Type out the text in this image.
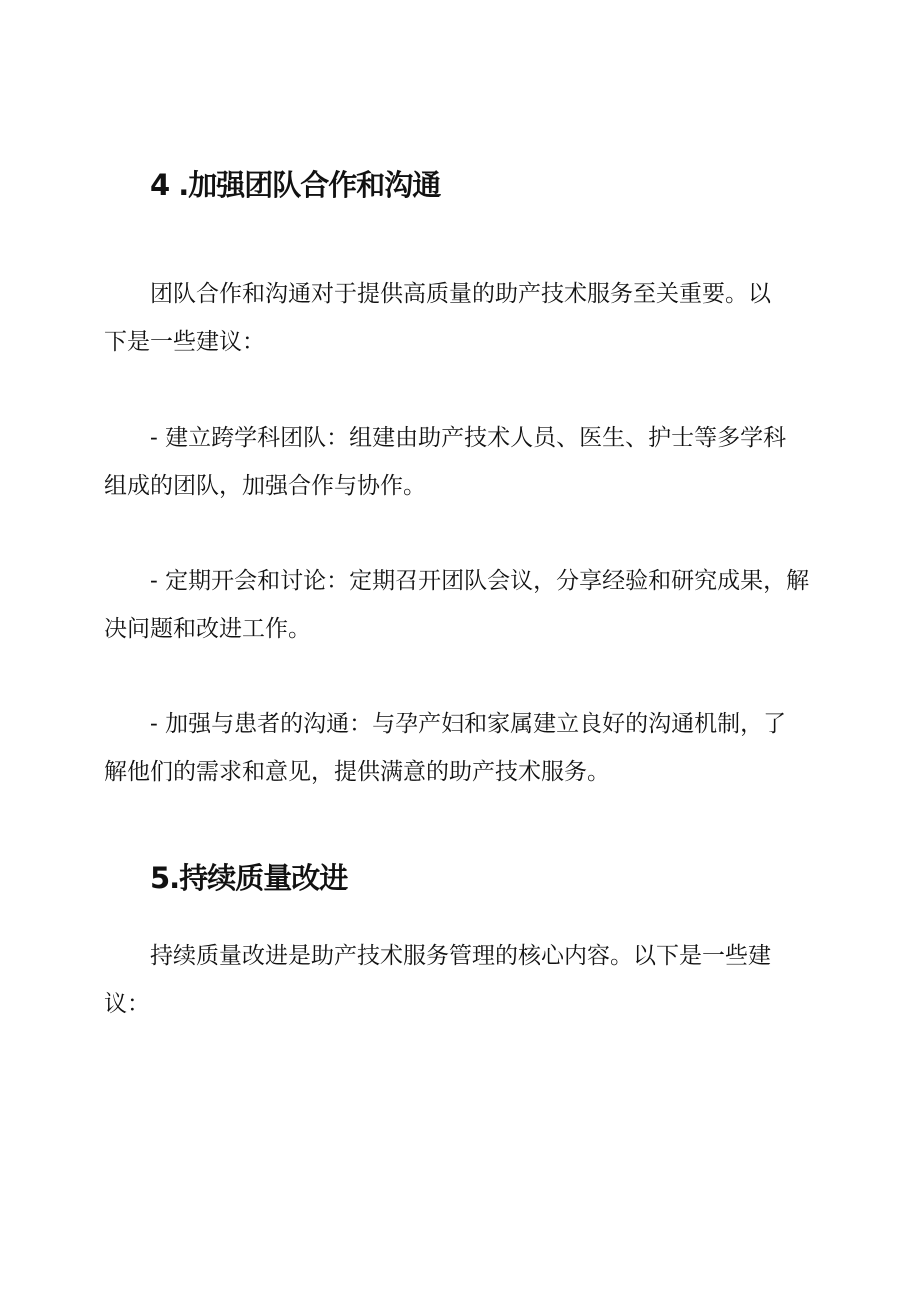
4 .加强团队合作和沟通

团队合作和沟通对于提供高质量的助产技术服务至关重要。以
下是一些建议：

- 建立跨学科团队：组建由助产技术人员、医生、护士等多学科
组成的团队，加强合作与协作。

- 定期开会和讨论：定期召开团队会议，分享经验和研究成果，解
决问题和改进工作。

- 加强与患者的沟通：与孕产妇和家属建立良好的沟通机制，了
解他们的需求和意见，提供满意的助产技术服务。

5.持续质量改进

持续质量改进是助产技术服务管理的核心内容。以下是一些建
议：
